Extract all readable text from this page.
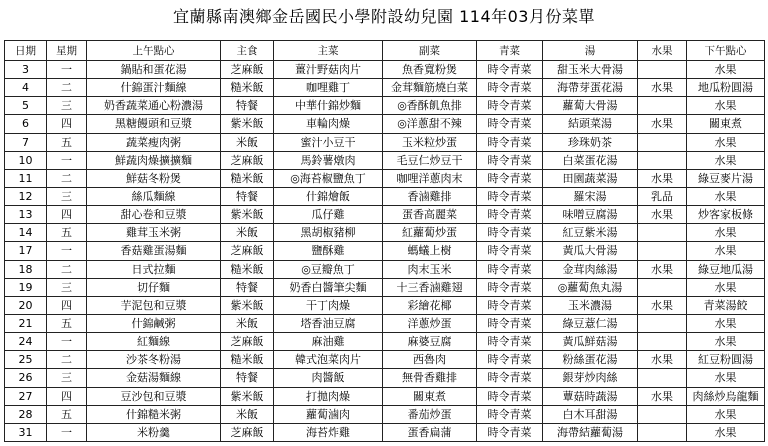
宜蘭縣南澳鄉金岳國民小學附設幼兒園 114年03月份菜單
日期	星期	上午點心	主食	主菜	副菜	青菜	湯	水果	下午點心
3	一	鍋貼和蛋花湯	芝麻飯	薑汁野菇肉片	魚香寬粉煲	時令青菜	甜玉米大骨湯		水果
4	二	什錦蛋汁麵線	糙米飯	咖哩雞丁	金茸麵筋燒白菜	時令青菜	海帶芽蛋花湯	水果	地瓜粉圓湯
5	三	奶香蔬菜通心粉濃湯	特餐	中華什錦炒麵	◎香酥飢魚排	時令青菜	蘿蔔大骨湯		水果
6	四	黑糖饅頭和豆漿	紫米飯	車輪肉燥	◎洋蔥甜不辣	時令青菜	結頭菜湯	水果	關東煮
7	五	蔬菜瘦肉粥	米飯	蜜汁小豆干	玉米粒炒蛋	時令青菜	珍珠奶茶		水果
10	一	鮮蔬肉燥擴擴麵	芝麻飯	馬鈴薯燉肉	毛豆仁炒豆干	時令青菜	白菜蛋花湯		水果
11	二	鮮菇冬粉煲	糙米飯	◎海苔椒鹽魚丁	咖哩洋蔥肉末	時令青菜	田園蔬菜湯	水果	綠豆麥片湯
12	三	絲瓜麵線	特餐	什錦燴飯	香滷雞排	時令青菜	羅宋湯	乳品	水果
13	四	甜心卷和豆漿	紫米飯	瓜仔雞	蛋香高麗菜	時令青菜	味噌豆腐湯	水果	炒客家板條
14	五	雞茸玉米粥	米飯	黑胡椒豬柳	紅蘿蔔炒蛋	時令青菜	紅豆紫米湯		水果
17	一	香菇雞蛋湯麵	芝麻飯	鹽酥雞	螞蟻上樹	時令青菜	黃瓜大骨湯		水果
18	二	日式拉麵	糙米飯	◎豆瓣魚丁	肉末玉米	時令青菜	金茸肉絲湯	水果	綠豆地瓜湯
19	三	切仔麵	特餐	奶香白醬筆尖麵	十三香滷雞翅	時令青菜	◎蘿蔔魚丸湯		水果
20	四	芋泥包和豆漿	紫米飯	干丁肉燥	彩繪花椰	時令青菜	玉米濃湯	水果	青菜湯餃
21	五	什錦鹹粥	米飯	塔香油豆腐	洋蔥炒蛋	時令青菜	綠豆薏仁湯		水果
24	一	紅麵線	芝麻飯	麻油雞	麻婆豆腐	時令青菜	黃瓜鮮菇湯		水果
25	二	沙茶冬粉湯	糙米飯	韓式泡菜肉片	西魯肉	時令青菜	粉絲蛋花湯	水果	紅豆粉圓湯
26	三	金菇湯麵線	特餐	肉醬飯	無骨香雞排	時令青菜	銀芽炒肉絲		水果
27	四	豆沙包和豆漿	紫米飯	打拋肉燥	關東煮	時令青菜	蕈菇時蔬湯	水果	肉絲炒烏龍麵
28	五	什錦糙米粥	米飯	蘿蔔滷肉	番茄炒蛋	時令青菜	白木耳甜湯		水果
31	一	米粉羹	芝麻飯	海苔炸雞	蛋香扁蒲	時令青菜	海帶結蘿蔔湯		水果
